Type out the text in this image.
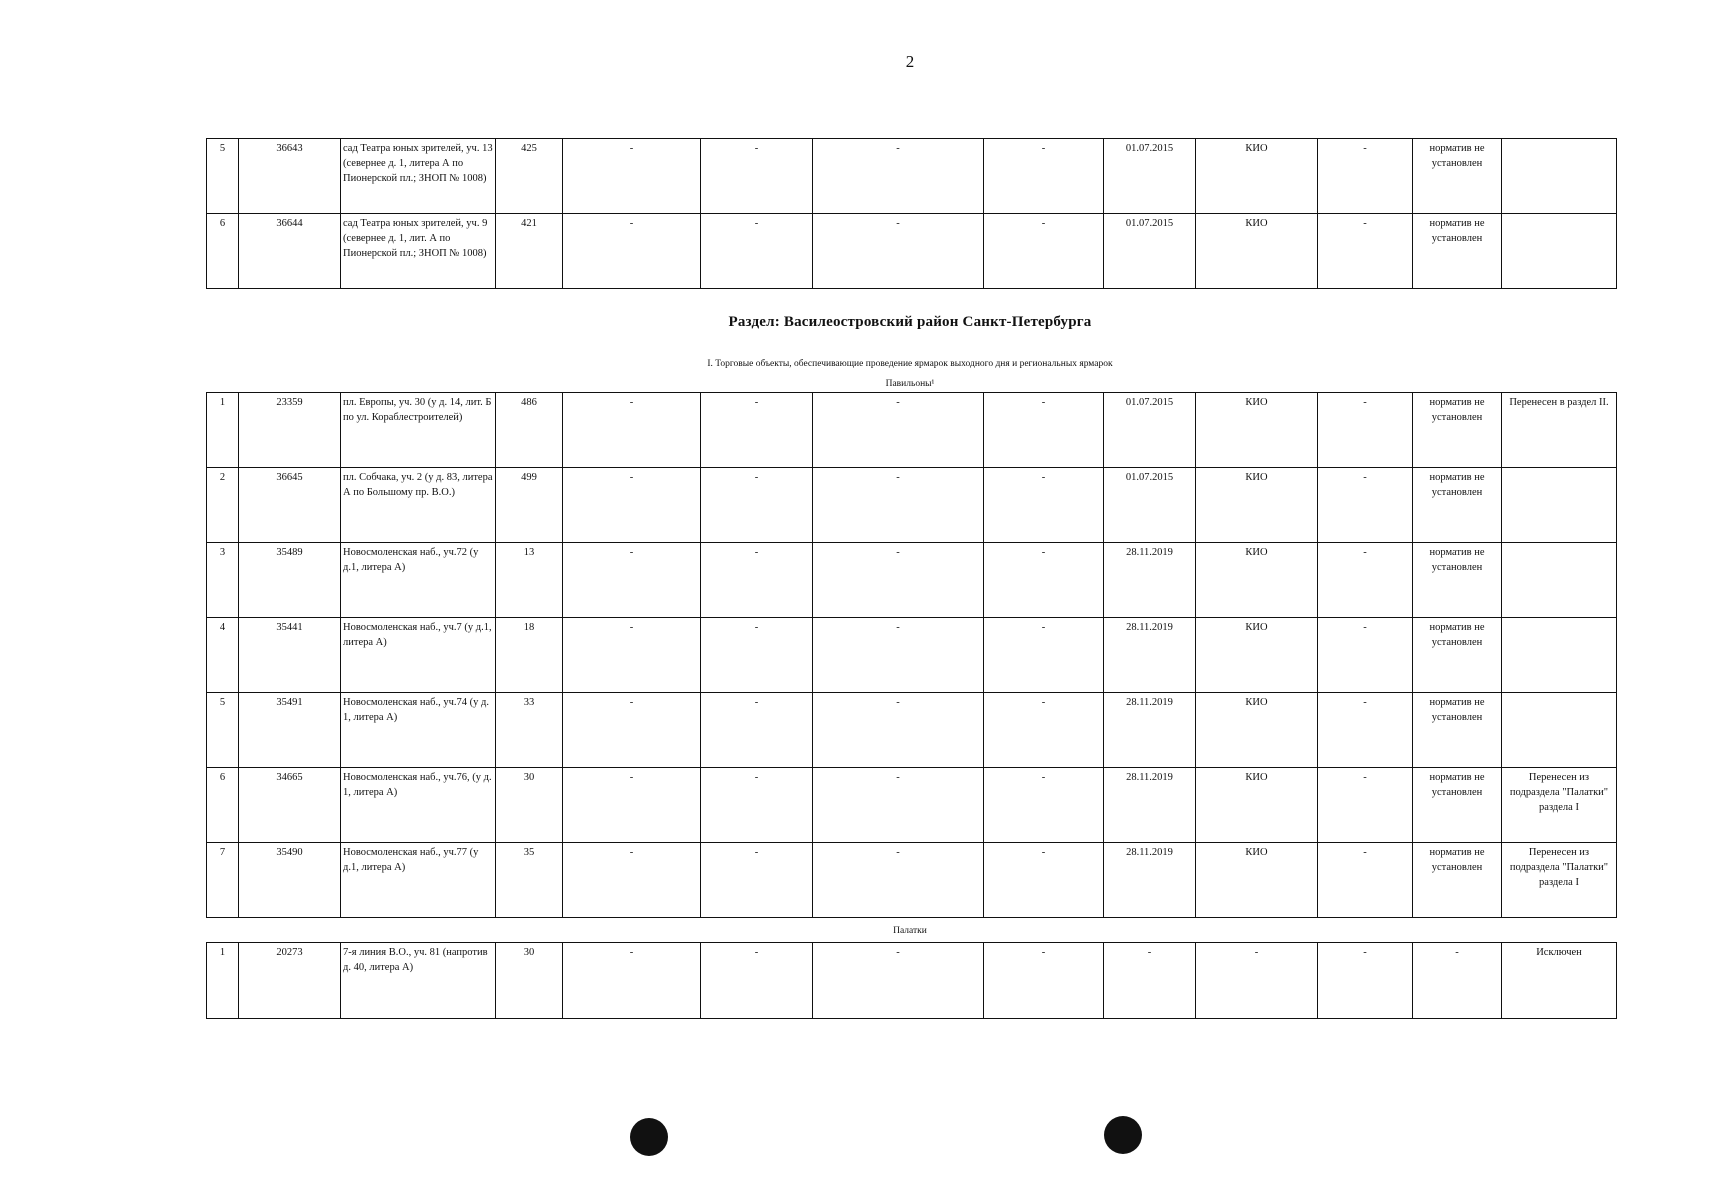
2
5	36643	сад Театра юных зрителей, уч. 13 (севернее д. 1, литера А по Пионерской пл.; ЗНОП № 1008)	425	-	-	-	-	01.07.2015	КИО	-	норматив не установлен	
6	36644	сад Театра юных зрителей, уч. 9 (севернее д. 1, лит. А по Пионерской пл.; ЗНОП № 1008)	421	-	-	-	-	01.07.2015	КИО	-	норматив не установлен	
Раздел: Василеостровский район Санкт-Петербурга
I. Торговые объекты, обеспечивающие проведение ярмарок выходного дня и региональных ярмарок
Павильоны¹
1	23359	пл. Европы, уч. 30 (у д. 14, лит. Б по ул. Кораблестроителей)	486	-	-	-	-	01.07.2015	КИО	-	норматив не установлен	Перенесен в раздел II.
2	36645	пл. Собчака, уч. 2 (у д. 83, литера А по Большому пр. В.О.)	499	-	-	-	-	01.07.2015	КИО	-	норматив не установлен	
3	35489	Новосмоленская наб., уч.72 (у д.1, литера А)	13	-	-	-	-	28.11.2019	КИО	-	норматив не установлен	
4	35441	Новосмоленская наб., уч.7 (у д.1, литера А)	18	-	-	-	-	28.11.2019	КИО	-	норматив не установлен	
5	35491	Новосмоленская наб., уч.74 (у д. 1, литера А)	33	-	-	-	-	28.11.2019	КИО	-	норматив не установлен	
6	34665	Новосмоленская наб., уч.76, (у д. 1, литера А)	30	-	-	-	-	28.11.2019	КИО	-	норматив не установлен	Перенесен из подраздела "Палатки" раздела I
7	35490	Новосмоленская наб., уч.77 (у д.1, литера А)	35	-	-	-	-	28.11.2019	КИО	-	норматив не установлен	Перенесен из подраздела "Палатки" раздела I
Палатки
1	20273	7-я линия В.О., уч. 81 (напротив д. 40, литера А)	30	-	-	-	-	-	-	-	-	Исключен
